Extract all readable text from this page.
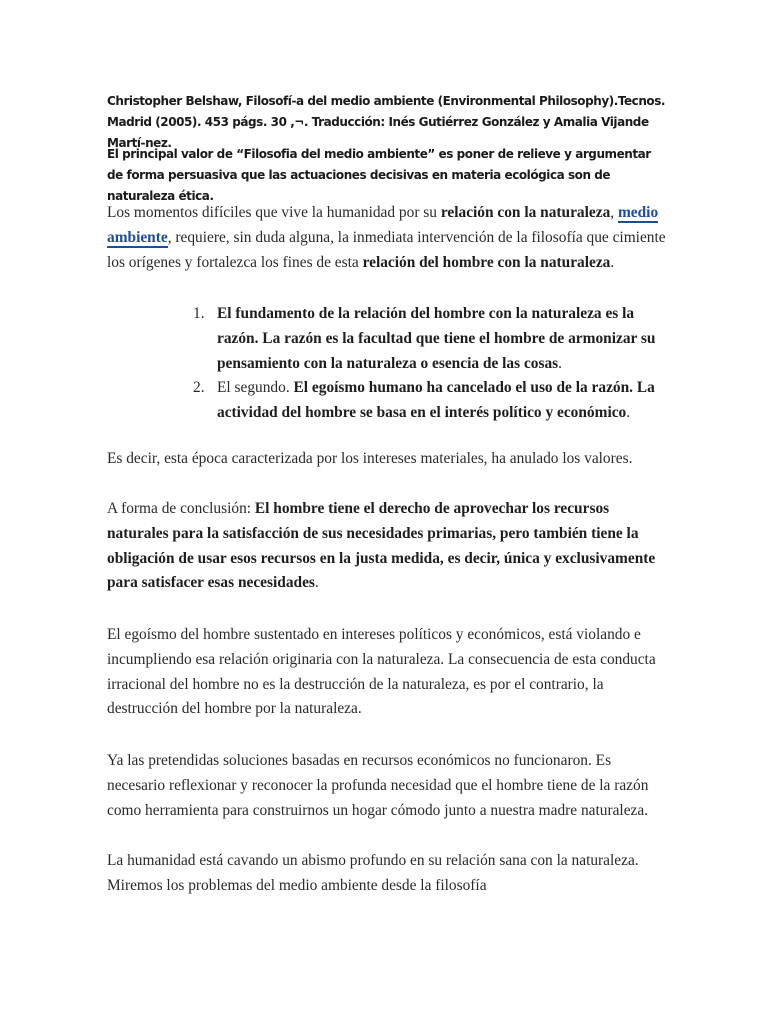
Christopher Belshaw, Filosofí-a del medio ambiente (Environmental Philosophy).Tecnos. Madrid (2005). 453 págs. 30 ,¬. Traducción: Inés Gutiérrez González y Amalia Vijande Martí-nez.

El principal valor de “Filosofia del medio ambiente” es poner de relieve y argumentar de forma persuasiva que las actuaciones decisivas en materia ecológica son de naturaleza ética.

Los momentos difíciles que vive la humanidad por su relación con la naturaleza, medio ambiente, requiere, sin duda alguna, la inmediata intervención de la filosofía que cimiente los orígenes y fortalezca los fines de esta relación del hombre con la naturaleza.

1. El fundamento de la relación del hombre con la naturaleza es la razón. La razón es la facultad que tiene el hombre de armonizar su pensamiento con la naturaleza o esencia de las cosas.
2. El segundo. El egoísmo humano ha cancelado el uso de la razón. La actividad del hombre se basa en el interés político y económico.

Es decir, esta época caracterizada por los intereses materiales, ha anulado los valores.

A forma de conclusión: El hombre tiene el derecho de aprovechar los recursos naturales para la satisfacción de sus necesidades primarias, pero también tiene la obligación de usar esos recursos en la justa medida, es decir, única y exclusivamente para satisfacer esas necesidades.

El egoísmo del hombre sustentado en intereses políticos y económicos, está violando e incumpliendo esa relación originaria con la naturaleza. La consecuencia de esta conducta irracional del hombre no es la destrucción de la naturaleza, es por el contrario, la destrucción del hombre por la naturaleza.

Ya las pretendidas soluciones basadas en recursos económicos no funcionaron. Es necesario reflexionar y reconocer la profunda necesidad que el hombre tiene de la razón como herramienta para construirnos un hogar cómodo junto a nuestra madre naturaleza.

La humanidad está cavando un abismo profundo en su relación sana con la naturaleza. Miremos los problemas del medio ambiente desde la filosofía
